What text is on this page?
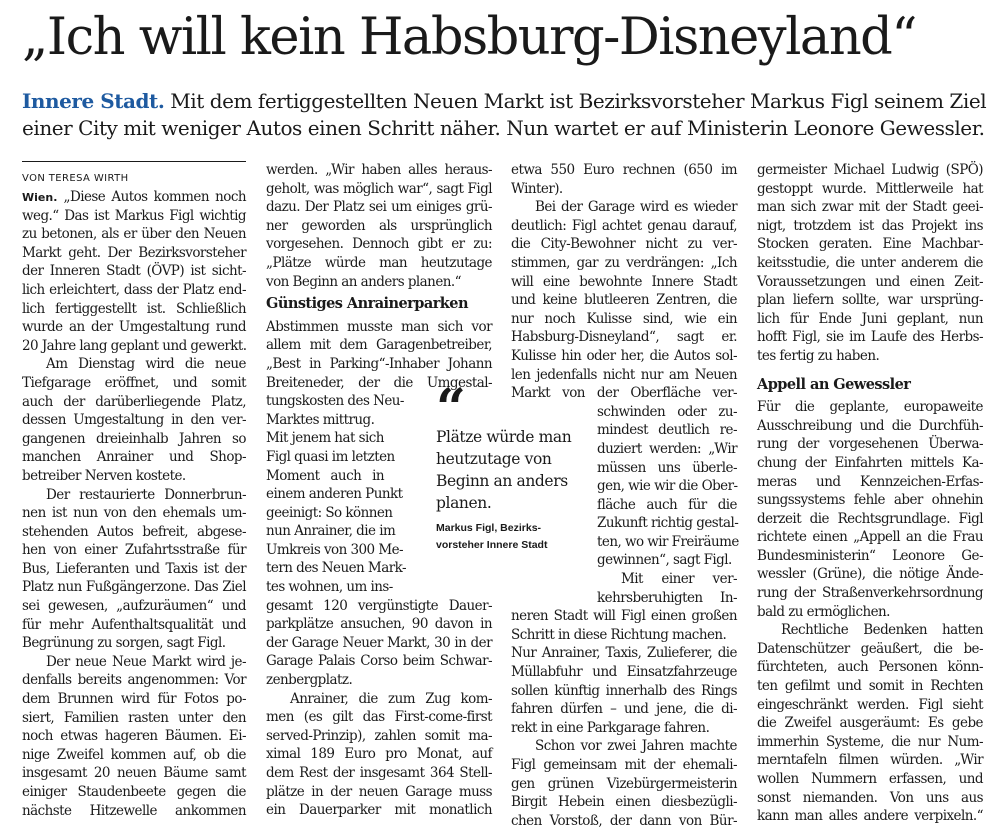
„Ich will kein Habsburg-Disneyland“
Innere Stadt. Mit dem fertiggestellten Neuen Markt ist Bezirksvorsteher Markus Figl seinem Ziel
einer City mit weniger Autos einen Schritt näher. Nun wartet er auf Ministerin Leonore Gewessler.
VON TERESA WIRTH
Wien. „Diese Autos kommen noch
weg.“ Das ist Markus Figl wichtig
zu betonen, als er über den Neuen
Markt geht. Der Bezirksvorsteher
der Inneren Stadt (ÖVP) ist sicht-
lich erleichtert, dass der Platz end-
lich fertiggestellt ist. Schließlich
wurde an der Umgestaltung rund
20 Jahre lang geplant und gewerkt.
Am Dienstag wird die neue
Tiefgarage eröffnet, und somit
auch der darüberliegende Platz,
dessen Umgestaltung in den ver-
gangenen dreieinhalb Jahren so
manchen Anrainer und Shop-
betreiber Nerven kostete.
Der restaurierte Donnerbrun-
nen ist nun von den ehemals um-
stehenden Autos befreit, abgese-
hen von einer Zufahrtsstraße für
Bus, Lieferanten und Taxis ist der
Platz nun Fußgängerzone. Das Ziel
sei gewesen, „aufzuräumen“ und
für mehr Aufenthaltsqualität und
Begrünung zu sorgen, sagt Figl.
Der neue Neue Markt wird je-
denfalls bereits angenommen: Vor
dem Brunnen wird für Fotos po-
siert, Familien rasten unter den
noch etwas hageren Bäumen. Ei-
nige Zweifel kommen auf, ob die
insgesamt 20 neuen Bäume samt
einiger Staudenbeete gegen die
nächste Hitzewelle ankommen
werden. „Wir haben alles heraus-
geholt, was möglich war“, sagt Figl
dazu. Der Platz sei um einiges grü-
ner geworden als ursprünglich
vorgesehen. Dennoch gibt er zu:
„Plätze würde man heutzutage
von Beginn an anders planen.“
Günstiges Anrainerparken
Abstimmen musste man sich vor
allem mit dem Garagenbetreiber,
„Best in Parking“-Inhaber Johann
Breiteneder, der die Umgestal-
tungskosten des Neu-
Marktes mittrug.
Mit jenem hat sich
Figl quasi im letzten
Moment auch in
einem anderen Punkt
geeinigt: So können
nun Anrainer, die im
Umkreis von 300 Me-
tern des Neuen Mark-
tes wohnen, um ins-
gesamt 120 vergünstigte Dauer-
parkplätze ansuchen, 90 davon in
der Garage Neuer Markt, 30 in der
Garage Palais Corso beim Schwar-
zenbergplatz.
Anrainer, die zum Zug kom-
men (es gilt das First-come-first
served-Prinzip), zahlen somit ma-
ximal 189 Euro pro Monat, auf
dem Rest der insgesamt 364 Stell-
plätze in der neuen Garage muss
ein Dauerparker mit monatlich
“
Plätze würde man
heutzutage von
Beginn an anders
planen.
Markus Figl, Bezirks-
vorsteher Innere Stadt
etwa 550 Euro rechnen (650 im
Winter).
Bei der Garage wird es wieder
deutlich: Figl achtet genau darauf,
die City-Bewohner nicht zu ver-
stimmen, gar zu verdrängen: „Ich
will eine bewohnte Innere Stadt
und keine blutleeren Zentren, die
nur noch Kulisse sind, wie ein
Habsburg-Disneyland“, sagt er.
Kulisse hin oder her, die Autos sol-
len jedenfalls nicht nur am Neuen
Markt von der Oberfläche ver-
schwinden oder zu-
mindest deutlich re-
duziert werden: „Wir
müssen uns überle-
gen, wie wir die Ober-
fläche auch für die
Zukunft richtig gestal-
ten, wo wir Freiräume
gewinnen“, sagt Figl.
Mit einer ver-
kehrsberuhigten In-
neren Stadt will Figl einen großen
Schritt in diese Richtung machen.
Nur Anrainer, Taxis, Zulieferer, die
Müllabfuhr und Einsatzfahrzeuge
sollen künftig innerhalb des Rings
fahren dürfen – und jene, die di-
rekt in eine Parkgarage fahren.
Schon vor zwei Jahren machte
Figl gemeinsam mit der ehemali-
gen grünen Vizebürgermeisterin
Birgit Hebein einen diesbezügli-
chen Vorstoß, der dann von Bür-
germeister Michael Ludwig (SPÖ)
gestoppt wurde. Mittlerweile hat
man sich zwar mit der Stadt geei-
nigt, trotzdem ist das Projekt ins
Stocken geraten. Eine Machbar-
keitsstudie, die unter anderem die
Voraussetzungen und einen Zeit-
plan liefern sollte, war ursprüng-
lich für Ende Juni geplant, nun
hofft Figl, sie im Laufe des Herbs-
tes fertig zu haben.
Appell an Gewessler
Für die geplante, europaweite
Ausschreibung und die Durchfüh-
rung der vorgesehenen Überwa-
chung der Einfahrten mittels Ka-
meras und Kennzeichen-Erfas-
sungssystems fehle aber ohnehin
derzeit die Rechtsgrundlage. Figl
richtete einen „Appell an die Frau
Bundesministerin“ Leonore Ge-
wessler (Grüne), die nötige Ände-
rung der Straßenverkehrsordnung
bald zu ermöglichen.
Rechtliche Bedenken hatten
Datenschützer geäußert, die be-
fürchteten, auch Personen könn-
ten gefilmt und somit in Rechten
eingeschränkt werden. Figl sieht
die Zweifel ausgeräumt: Es gebe
immerhin Systeme, die nur Num-
merntafeln filmen würden. „Wir
wollen Nummern erfassen, und
sonst niemanden. Von uns aus
kann man alles andere verpixeln.“
